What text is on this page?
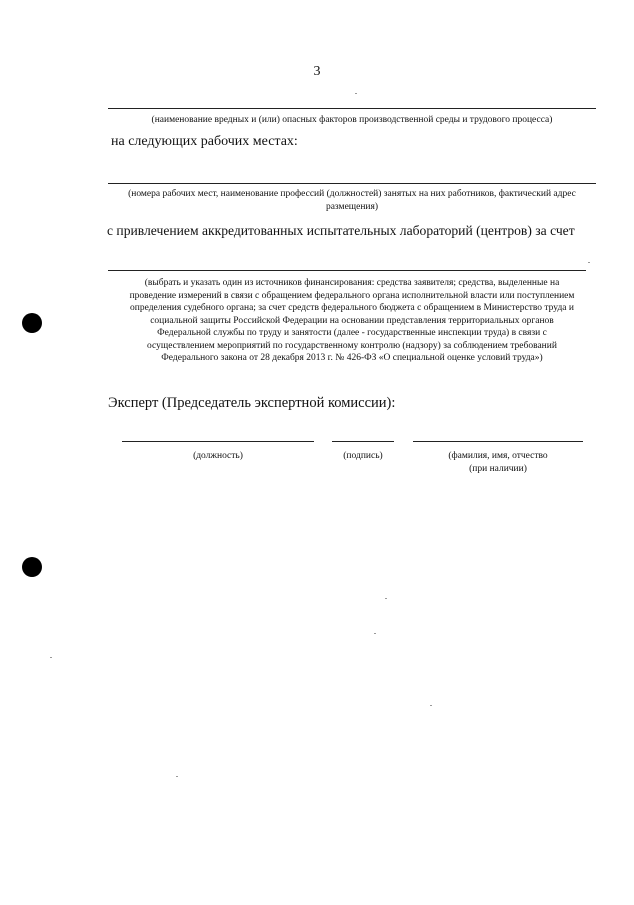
3
(наименование вредных и (или) опасных факторов производственной среды и трудового процесса)
на следующих рабочих местах:
(номера рабочих мест, наименование профессий (должностей) занятых на них работников, фактический адрес
размещения)
с привлечением аккредитованных испытательных лабораторий (центров) за счет
(выбрать и указать один из источников финансирования: средства заявителя; средства, выделенные на
проведение измерений в связи с обращением федерального органа исполнительной власти или поступлением
определения судебного органа; за счет средств федерального бюджета с обращением в Министерство труда и
социальной защиты Российской Федерации на основании представления территориальных органов
Федеральной службы по труду и занятости (далее - государственные инспекции труда) в связи с
осуществлением мероприятий по государственному контролю (надзору) за соблюдением требований
Федерального закона от 28 декабря 2013 г. № 426-ФЗ «О специальной оценке условий труда»)
Эксперт (Председатель экспертной комиссии):
(должность)	(подпись)	(фамилия, имя, отчество
(при наличии)
